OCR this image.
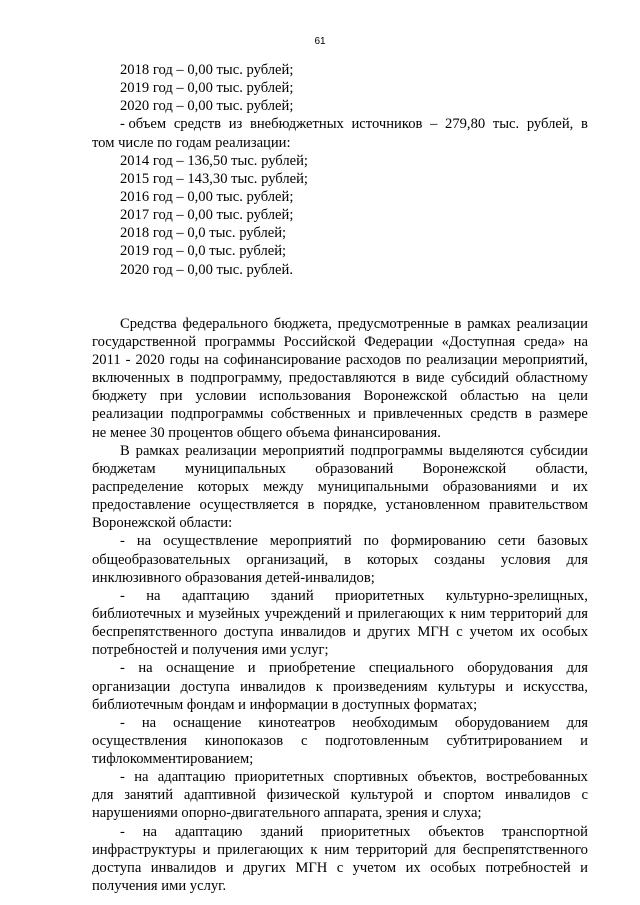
61
2018 год – 0,00 тыс. рублей;
2019 год – 0,00 тыс. рублей;
2020 год – 0,00 тыс. рублей;
- объем средств из внебюджетных источников – 279,80 тыс. рублей, в
том числе по годам реализации:
2014 год – 136,50 тыс. рублей;
2015 год – 143,30 тыс. рублей;
2016 год – 0,00 тыс. рублей;
2017 год – 0,00 тыс. рублей;
2018 год – 0,0 тыс. рублей;
2019 год – 0,0 тыс. рублей;
2020 год – 0,00 тыс. рублей.
Средства федерального бюджета, предусмотренные в рамках реализации
государственной программы Российской Федерации «Доступная среда» на
2011 - 2020 годы на софинансирование расходов по реализации мероприятий,
включенных в подпрограмму, предоставляются в виде субсидий областному
бюджету при условии использования Воронежской областью на цели
реализации подпрограммы собственных и привлеченных средств в размере
не менее 30 процентов общего объема финансирования.
В рамках реализации мероприятий подпрограммы выделяются субсидии
бюджетам муниципальных образований Воронежской области,
распределение которых между муниципальными образованиями и их
предоставление осуществляется в порядке, установленном правительством
Воронежской области:
- на осуществление мероприятий по формированию сети базовых
общеобразовательных организаций, в которых созданы условия для
инклюзивного образования детей-инвалидов;
- на адаптацию зданий приоритетных культурно-зрелищных,
библиотечных и музейных учреждений и прилегающих к ним территорий для
беспрепятственного доступа инвалидов и других МГН с учетом их особых
потребностей и получения ими услуг;
- на оснащение и приобретение специального оборудования для
организации доступа инвалидов к произведениям культуры и искусства,
библиотечным фондам и информации в доступных форматах;
- на оснащение кинотеатров необходимым оборудованием для
осуществления кинопоказов с подготовленным субтитрированием и
тифлокомментированием;
- на адаптацию приоритетных спортивных объектов, востребованных
для занятий адаптивной физической культурой и спортом инвалидов с
нарушениями опорно-двигательного аппарата, зрения и слуха;
- на адаптацию зданий приоритетных объектов транспортной
инфраструктуры и прилегающих к ним территорий для беспрепятственного
доступа инвалидов и других МГН с учетом их особых потребностей и
получения ими услуг.
